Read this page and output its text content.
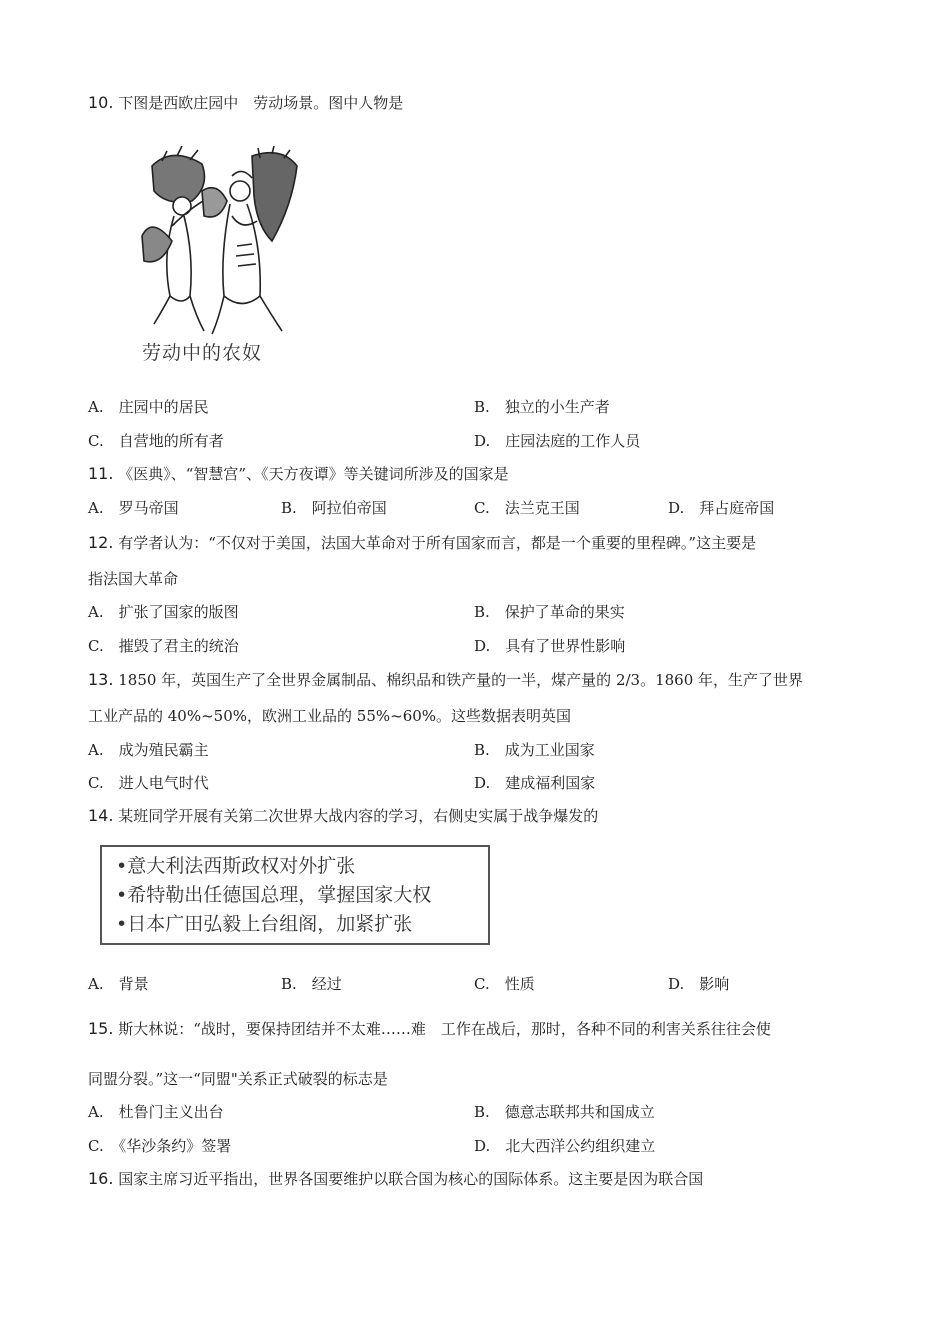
10. 下图是西欧庄园中　劳动场景。图中人物是
劳动中的农奴
A.　庄园中的居民	B.　独立的小生产者
C.　自营地的所有者	D.　庄园法庭的工作人员
11. 《医典》、“智慧宫”、《天方夜谭》等关键词所涉及的国家是
A.　罗马帝国	B.　阿拉伯帝国	C.　法兰克王国	D.　拜占庭帝国
12. 有学者认为：“不仅对于美国，法国大革命对于所有国家而言，都是一个重要的里程碑。”这主要是
指法国大革命
A.　扩张了国家的版图	B.　保护了革命的果实
C.　摧毁了君主的统治	D.　具有了世界性影响
13. 1850 年，英国生产了全世界金属制品、棉织品和铁产量的一半，煤产量的 2/3。1860 年，生产了世界
工业产品的 40%~50%，欧洲工业品的 55%~60%。这些数据表明英国
A.　成为殖民霸主	B.　成为工业国家
C.　进人电气时代	D.　建成福利国家
14. 某班同学开展有关第二次世界大战内容的学习，右侧史实属于战争爆发的
•意大利法西斯政权对外扩张
•希特勒出任德国总理，掌握国家大权
•日本广田弘毅上台组阁，加紧扩张
A.　背景	B.　经过	C.　性质	D.　影响
15. 斯大林说：“战时，要保持团结并不太难……难　工作在战后，那时，各种不同的利害关系往往会使
同盟分裂。”这一“同盟"关系正式破裂的标志是
A.　杜鲁门主义出台	B.　德意志联邦共和国成立
C.　《华沙条约》签署	D.　北大西洋公约组织建立
16. 国家主席习近平指出，世界各国要维护以联合国为核心的国际体系。这主要是因为联合国
